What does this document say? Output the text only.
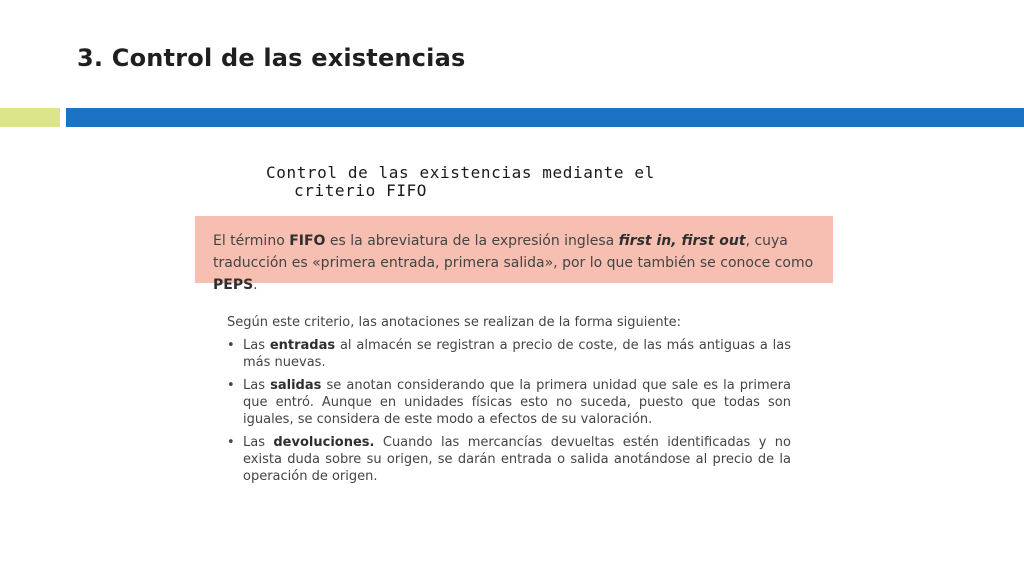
3. Control de las existencias
Control de las existencias mediante el
criterio FIFO
El término FIFO es la abreviatura de la expresión inglesa first in, first out, cuya traducción es «primera entrada, primera salida», por lo que también se conoce como PEPS.

Según este criterio, las anotaciones se realizan de la forma siguiente:

• Las entradas al almacén se registran a precio de coste, de las más antiguas a las más nuevas.
• Las salidas se anotan considerando que la primera unidad que sale es la primera que entró. Aunque en unidades físicas esto no suceda, puesto que todas son iguales, se considera de este modo a efectos de su valoración.
• Las devoluciones. Cuando las mercancías devueltas estén identificadas y no exista duda sobre su origen, se darán entrada o salida anotándose al precio de la operación de origen.
